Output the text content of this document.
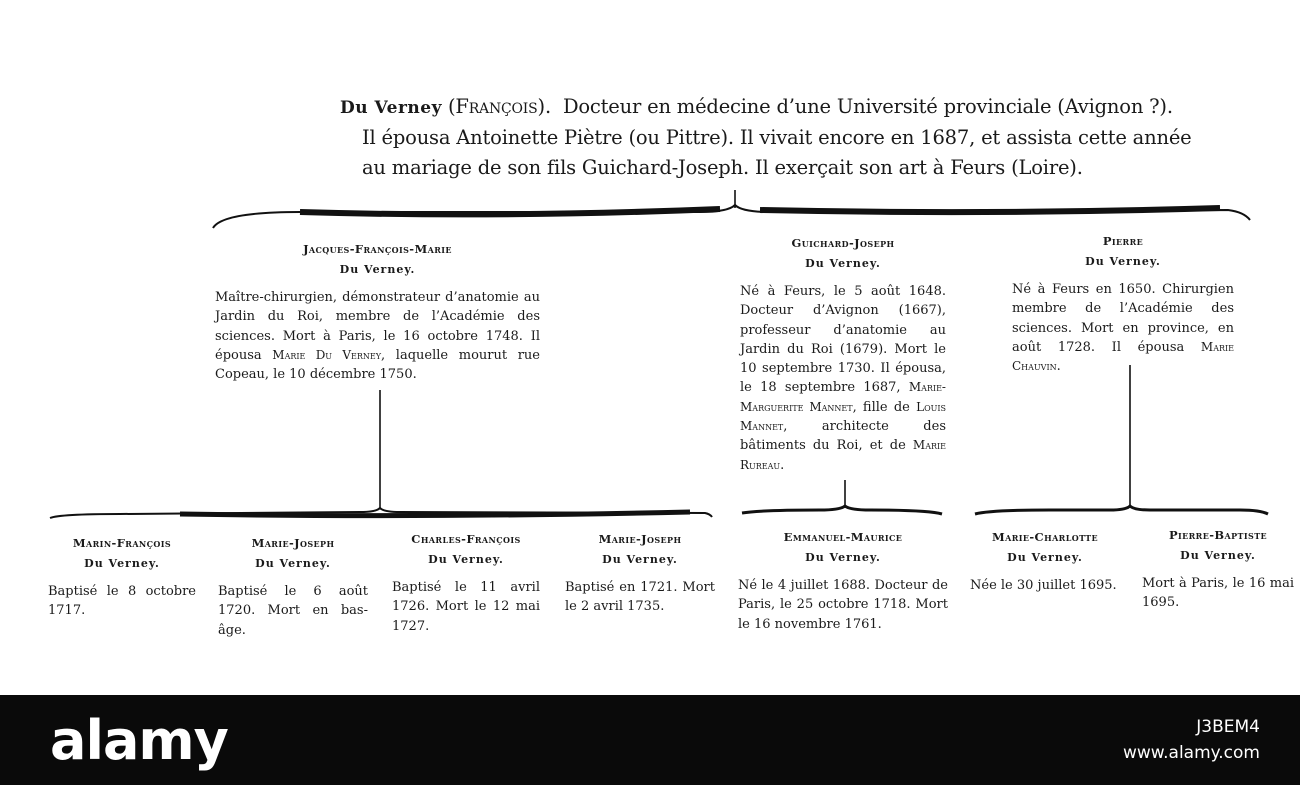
Du Verney (François).  Docteur en médecine d’une Université provinciale (Avignon ?).
Il épousa Antoinette Piètre (ou Pittre). Il vivait encore en 1687, et assista cette année
au mariage de son fils Guichard-Joseph. Il exerçait son art à Feurs (Loire).
Jacques-François-Marie
Du Verney.
Maître-chirurgien, démonstrateur d’anatomie au Jardin du Roi, membre de l’Académie des sciences. Mort à Paris, le 16 octobre 1748. Il épousa Marie Du Verney, laquelle mourut rue Copeau, le 10 décembre 1750.
Guichard-Joseph
Du Verney.
Né à Feurs, le 5 août 1648. Docteur d’Avignon (1667), professeur d’anatomie au Jardin du Roi (1679). Mort le 10 septembre 1730. Il épousa, le 18 septembre 1687, Marie-Marguerite Mannet, fille de Louis Mannet, architecte des bâtiments du Roi, et de Marie Rureau.
Pierre
Du Verney.
Né à Feurs en 1650. Chirurgien membre de l’Académie des sciences. Mort en province, en août 1728. Il épousa Marie Chauvin.
Marin-François
Du Verney.
Baptisé le 8 octobre 1717.
Marie-Joseph
Du Verney.
Baptisé le 6 août 1720. Mort en bas-âge.
Charles-François
Du Verney.
Baptisé le 11 avril 1726. Mort le 12 mai 1727.
Marie-Joseph
Du Verney.
Baptisé en 1721. Mort le 2 avril 1735.
Emmanuel-Maurice
Du Verney.
Né le 4 juillet 1688. Docteur de Paris, le 25 octobre 1718. Mort le 16 novembre 1761.
Marie-Charlotte
Du Verney.
Née le 30 juillet 1695.
Pierre-Baptiste
Du Verney.
Mort à Paris, le 16 mai 1695.
alamy	J3BEM4
www.alamy.com
